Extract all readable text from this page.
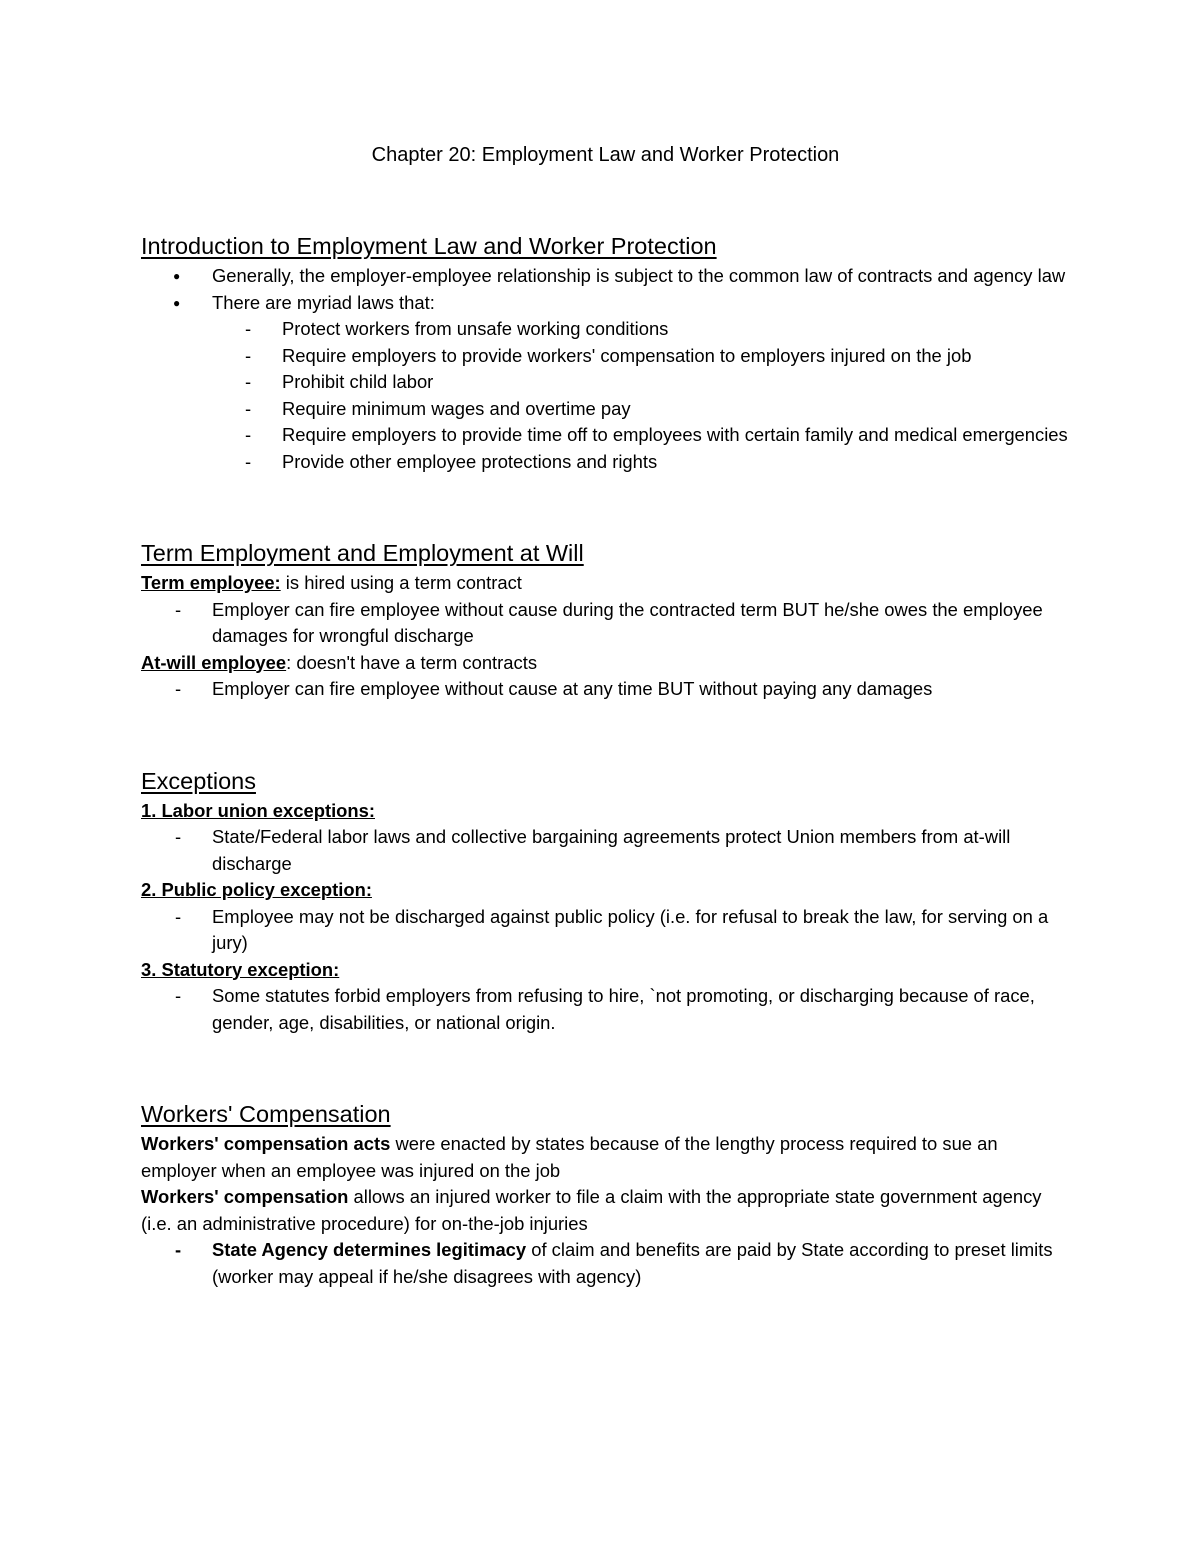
Chapter 20: Employment Law and Worker Protection

Introduction to Employment Law and Worker Protection
● Generally, the employer-employee relationship is subject to the common law of contracts and agency law
● There are myriad laws that:
- Protect workers from unsafe working conditions
- Require employers to provide workers' compensation to employers injured on the job
- Prohibit child labor
- Require minimum wages and overtime pay
- Require employers to provide time off to employees with certain family and medical emergencies
- Provide other employee protections and rights
Term Employment and Employment at Will

Term employee: is hired using a term contract

- Employer can fire employee without cause during the contracted term BUT he/she owes the employee damages for wrongful discharge

At-will employee: doesn't have a term contracts

- Employer can fire employee without cause at any time BUT without paying any damages
Exceptions

1. Labor union exceptions:

- State/Federal labor laws and collective bargaining agreements protect Union members from at-will discharge

2. Public policy exception:

- Employee may not be discharged against public policy (i.e. for refusal to break the law, for serving on a jury)

3. Statutory exception:

- Some statutes forbid employers from refusing to hire, `not promoting, or discharging because of race, gender, age, disabilities, or national origin.
Workers' Compensation

Workers' compensation acts were enacted by states because of the lengthy process required to sue an employer when an employee was injured on the job

Workers' compensation allows an injured worker to file a claim with the appropriate state government agency (i.e. an administrative procedure) for on-the-job injuries

- State Agency determines legitimacy of claim and benefits are paid by State according to preset limits (worker may appeal if he/she disagrees with agency)
